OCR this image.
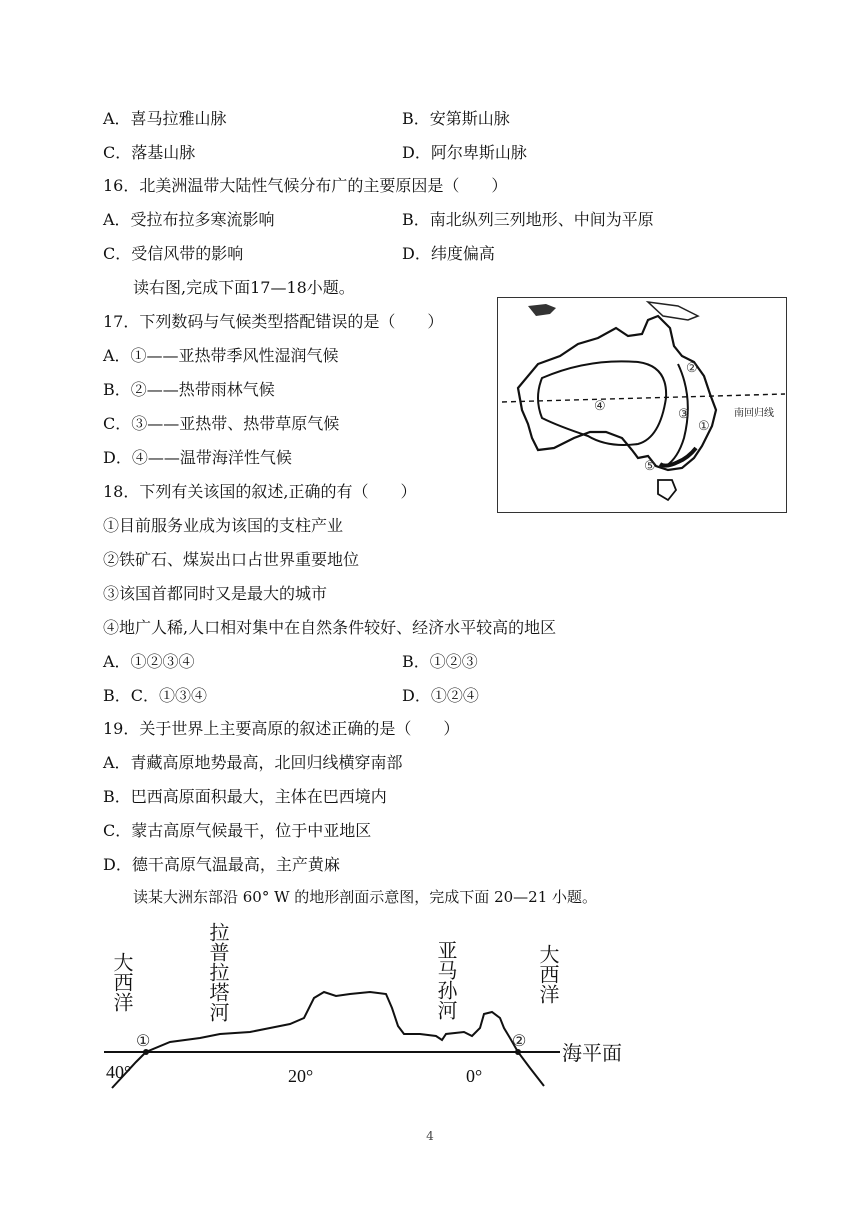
A．喜马拉雅山脉	B．安第斯山脉
C．落基山脉	D．阿尔卑斯山脉
16．北美洲温带大陆性气候分布广的主要原因是（　　）
A．受拉布拉多寒流影响	B．南北纵列三列地形、中间为平原
C．受信风带的影响	D．纬度偏高
读右图,完成下面17—18小题。
17．下列数码与气候类型搭配错误的是（　　）
A．①——亚热带季风性湿润气候
B．②——热带雨林气候
C．③——亚热带、热带草原气候
D．④——温带海洋性气候
南回归线
②
④
③
①
⑤
18．下列有关该国的叙述,正确的有（　　）
①目前服务业成为该国的支柱产业
②铁矿石、煤炭出口占世界重要地位
③该国首都同时又是最大的城市
④地广人稀,人口相对集中在自然条件较好、经济水平较高的地区
A．①②③④	B．①②③
B．C．①③④	D．①②④
19．关于世界上主要高原的叙述正确的是（　　）
A．青藏高原地势最高，北回归线横穿南部
B．巴西高原面积最大，主体在巴西境内
C．蒙古高原气候最干，位于中亚地区
D．德干高原气温最高，主产黄麻
读某大洲东部沿 60° W 的地形剖面示意图，完成下面 20—21 小题。
大西洋	拉普拉塔河	亚马孙河	大西洋
①	②
海平面
40°	20°	0°
4
